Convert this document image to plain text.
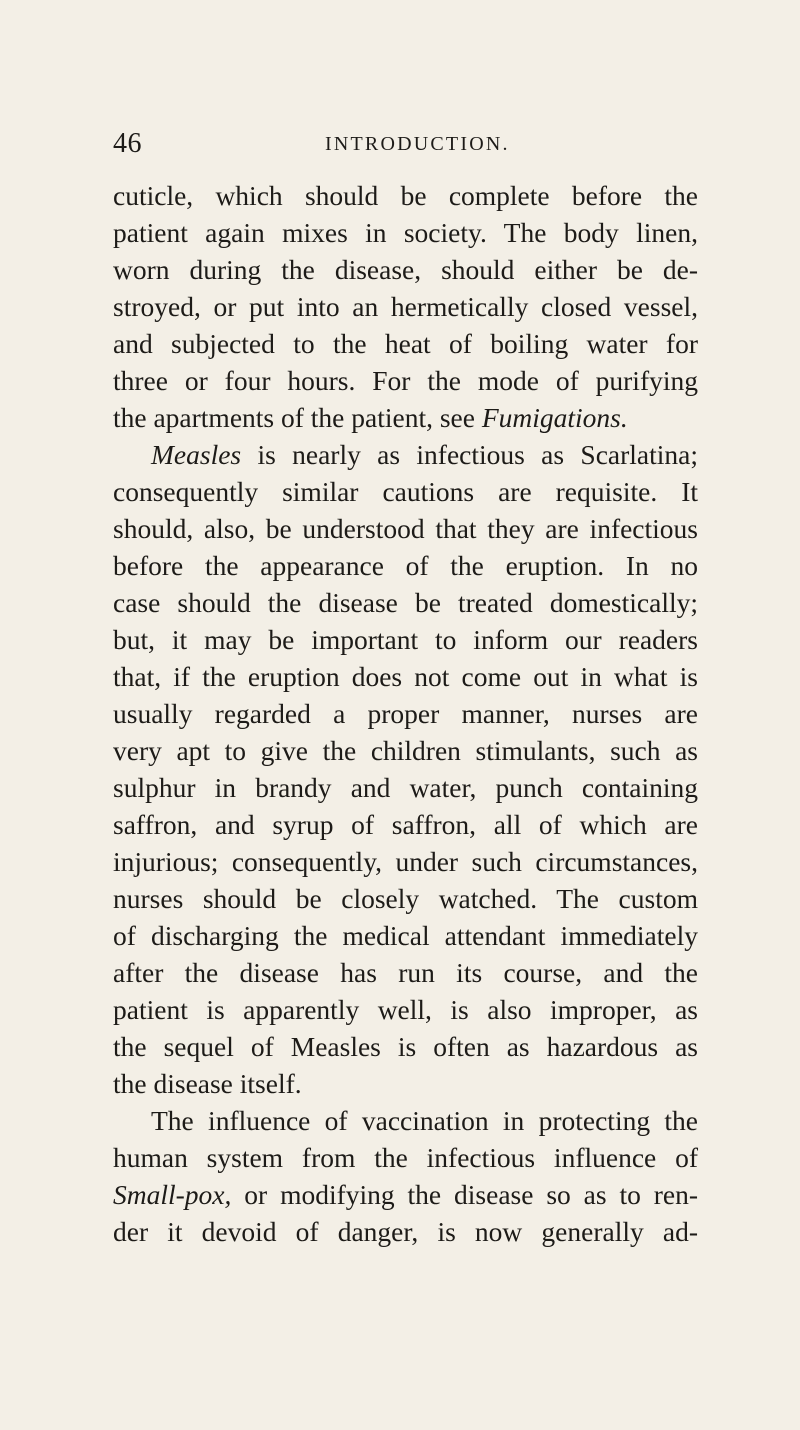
46	INTRODUCTION.
cuticle, which should be complete before the
patient again mixes in society. The body linen,
worn during the disease, should either be de-
stroyed, or put into an hermetically closed vessel,
and subjected to the heat of boiling water for
three or four hours. For the mode of purifying
the apartments of the patient, see Fumigations.
Measles is nearly as infectious as Scarlatina;
consequently similar cautions are requisite. It
should, also, be understood that they are infectious
before the appearance of the eruption. In no
case should the disease be treated domestically;
but, it may be important to inform our readers
that, if the eruption does not come out in what is
usually regarded a proper manner, nurses are
very apt to give the children stimulants, such as
sulphur in brandy and water, punch containing
saffron, and syrup of saffron, all of which are
injurious; consequently, under such circumstances,
nurses should be closely watched. The custom
of discharging the medical attendant immediately
after the disease has run its course, and the
patient is apparently well, is also improper, as
the sequel of Measles is often as hazardous as
the disease itself.
The influence of vaccination in protecting the
human system from the infectious influence of
Small-pox, or modifying the disease so as to ren-
der it devoid of danger, is now generally ad-
